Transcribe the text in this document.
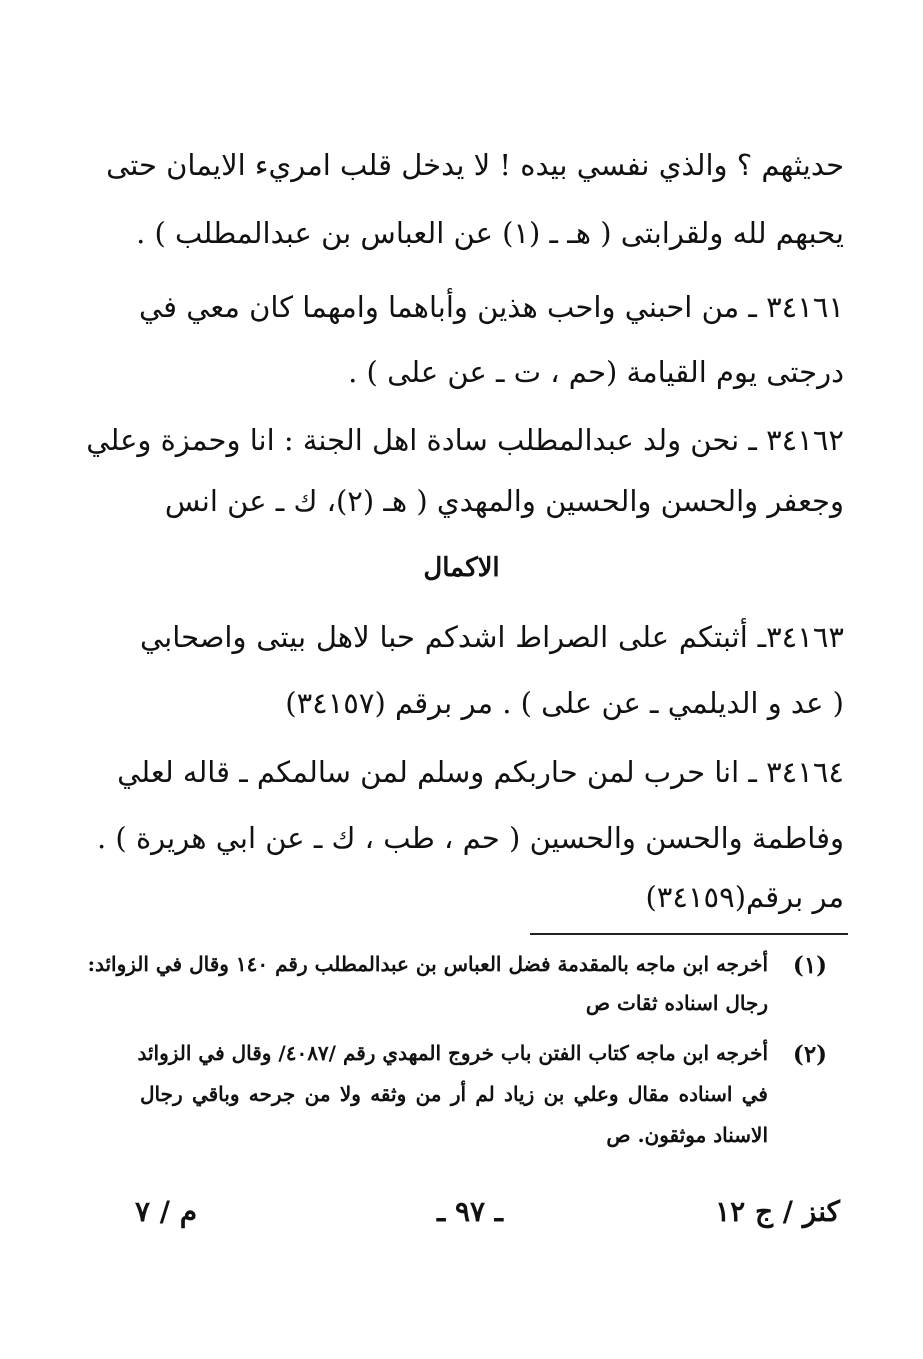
حديثهم ؟ والذي نفسي بيده ! لا يدخل قلب امريء الايمان حتى
يحبهم لله ولقرابتى ( هـ ـ (١) عن العباس بن عبدالمطلب ) .
٣٤١٦١ ـ من احبني واحب هذين وأباهما وامهما كان معي في
درجتى يوم القيامة (حم ، ت ـ عن على ) .
٣٤١٦٢ ـ نحن ولد عبدالمطلب سادة اهل الجنة : انا وحمزة وعلي
وجعفر والحسن والحسين والمهدي ( هـ (٢)، ك ـ عن انس
الاكمال
٣٤١٦٣ـ أثبتكم على الصراط اشدكم حبا لاهل بيتى واصحابي
( عد و الديلمي ـ عن على ) . مر برقم (٣٤١٥٧)
٣٤١٦٤ ـ انا حرب لمن حاربكم وسلم لمن سالمكم ـ قاله لعلي
وفاطمة والحسن والحسين ( حم ، طب ، ك ـ عن ابي هريرة ) .
مر برقم(٣٤١٥٩)
(١)
أخرجه ابن ماجه بالمقدمة فضل العباس بن عبدالمطلب رقم ١٤٠ وقال في الزوائد:
رجال اسناده ثقات ص
(٢)
أخرجه ابن ماجه كتاب الفتن باب خروج المهدي رقم /٤٠٨٧/ وقال في الزوائد
في اسناده مقال وعلي بن زياد لم أر من وثقه ولا من جرحه وباقي رجال
الاسناد موثقون. ص
كنز / ج ١٢
ـ ٩٧ ـ
م / ٧
